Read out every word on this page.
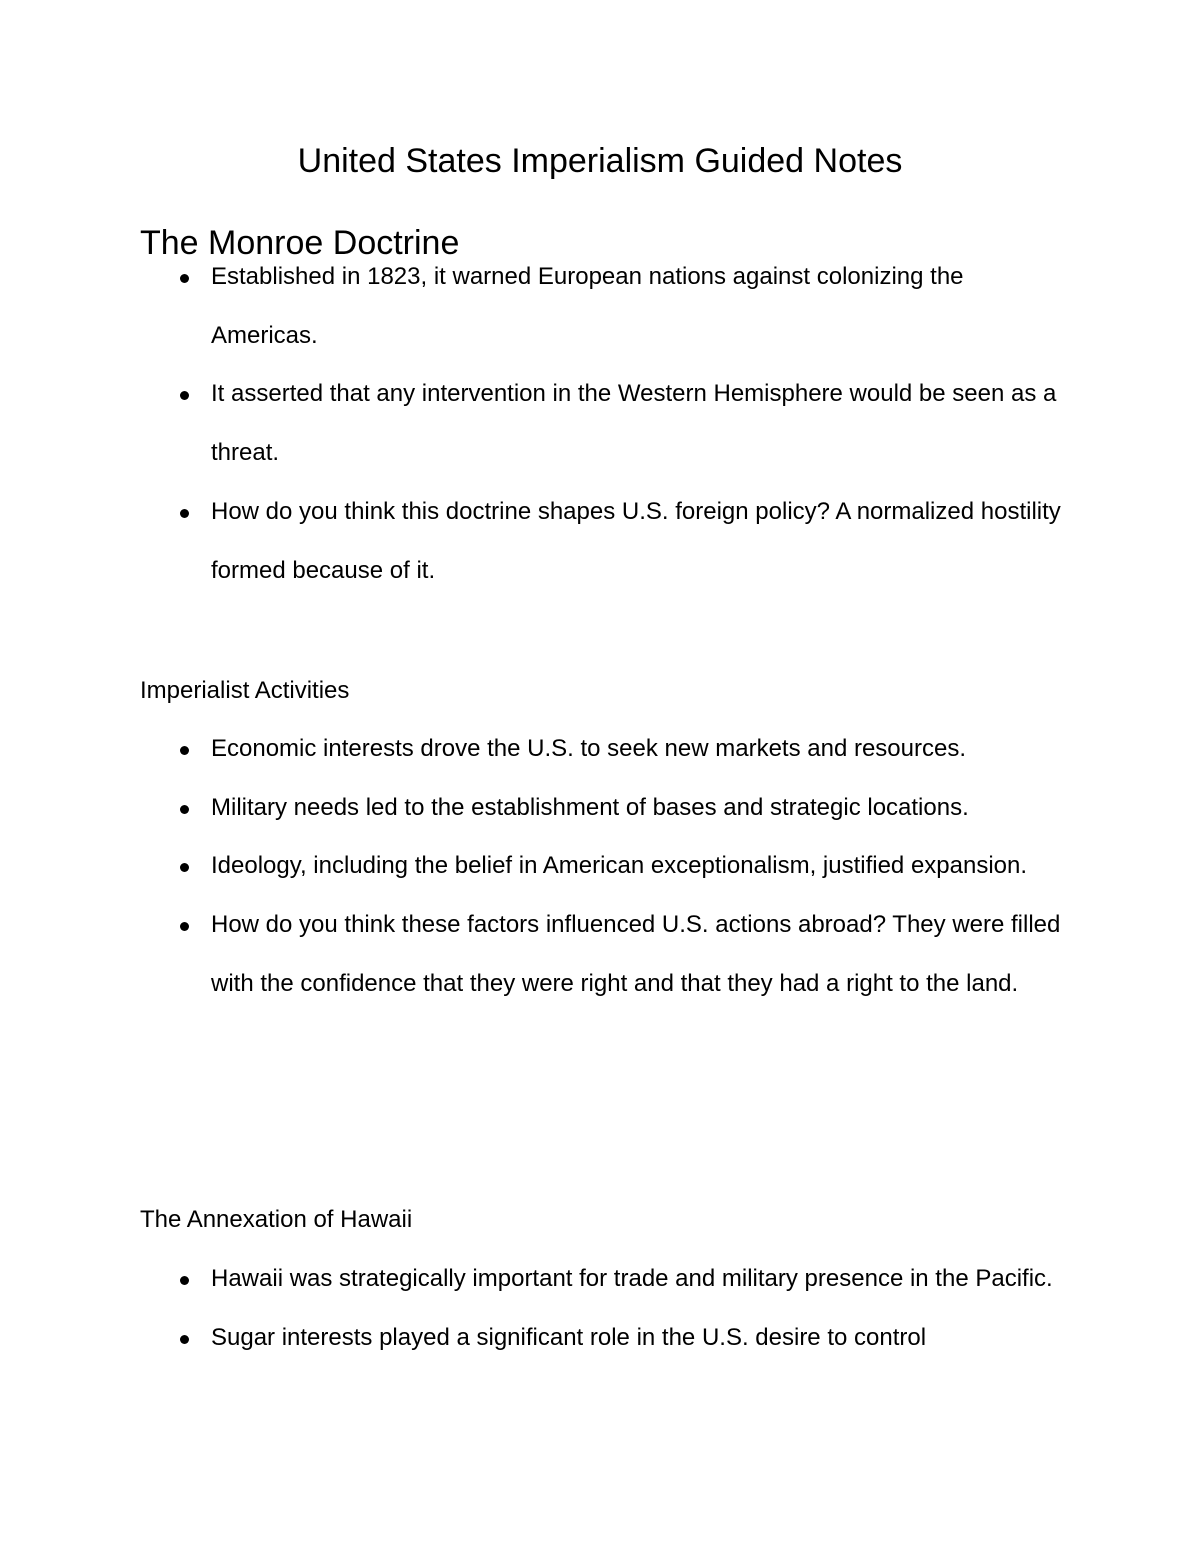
United States Imperialism Guided Notes
The Monroe Doctrine
Established in 1823, it warned European nations against colonizing the Americas.
It asserted that any intervention in the Western Hemisphere would be seen as a threat.
How do you think this doctrine shapes U.S. foreign policy? A normalized hostility formed because of it.
Imperialist Activities
Economic interests drove the U.S. to seek new markets and resources.
Military needs led to the establishment of bases and strategic locations.
Ideology, including the belief in American exceptionalism, justified expansion.
How do you think these factors influenced U.S. actions abroad? They were filled with the confidence that they were right and that they had a right to the land.
The Annexation of Hawaii
Hawaii was strategically important for trade and military presence in the Pacific.
Sugar interests played a significant role in the U.S. desire to control
